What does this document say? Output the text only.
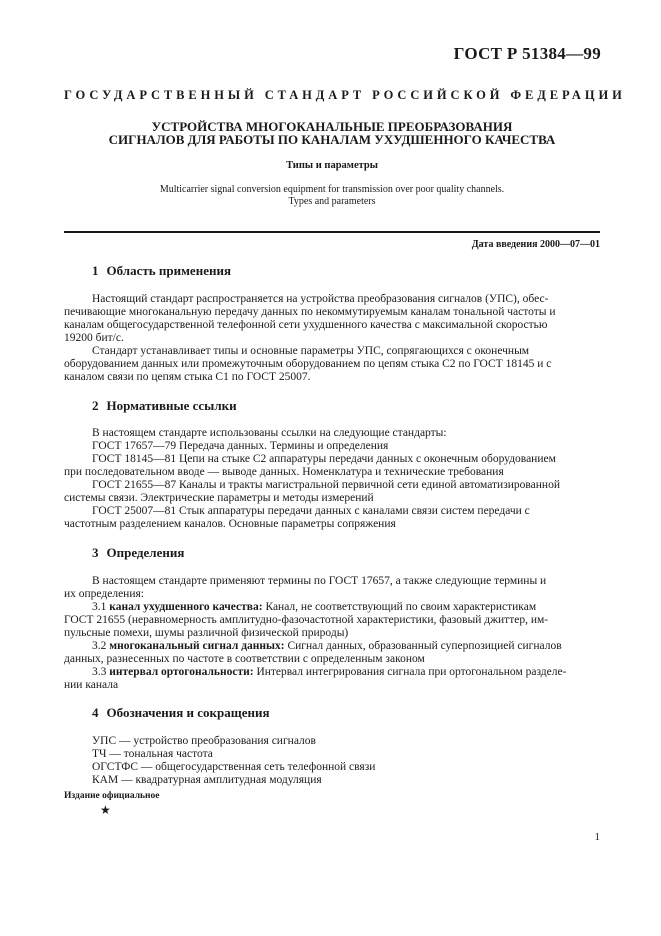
ГОСТ Р 51384—99
ГОСУДАРСТВЕННЫЙ СТАНДАРТ РОССИЙСКОЙ ФЕДЕРАЦИИ
УСТРОЙСТВА МНОГОКАНАЛЬНЫЕ ПРЕОБРАЗОВАНИЯ
СИГНАЛОВ ДЛЯ РАБОТЫ ПО КАНАЛАМ УХУДШЕННОГО КАЧЕСТВА
Типы и параметры
Multicarrier signal conversion equipment for transmission over poor quality channels.
Types and parameters
Дата введения 2000—07—01
1 Область применения
Настоящий стандарт распространяется на устройства преобразования сигналов (УПС), обес-
печивающие многоканальную передачу данных по некоммутируемым каналам тональной частоты и
каналам общегосударственной телефонной сети ухудшенного качества с максимальной скоростью
19200 бит/с.
Стандарт устанавливает типы и основные параметры УПС, сопрягающихся с оконечным
оборудованием данных или промежуточным оборудованием по цепям стыка С2 по ГОСТ 18145 и с
каналом связи по цепям стыка С1 по ГОСТ 25007.
2 Нормативные ссылки
В настоящем стандарте использованы ссылки на следующие стандарты:
ГОСТ 17657—79 Передача данных. Термины и определения
ГОСТ 18145—81 Цепи на стыке С2 аппаратуры передачи данных с оконечным оборудованием
при последовательном вводе — выводе данных. Номенклатура и технические требования
ГОСТ 21655—87 Каналы и тракты магистральной первичной сети единой автоматизированной
системы связи. Электрические параметры и методы измерений
ГОСТ 25007—81 Стык аппаратуры передачи данных с каналами связи систем передачи с
частотным разделением каналов. Основные параметры сопряжения
3 Определения
В настоящем стандарте применяют термины по ГОСТ 17657, а также следующие термины и
их определения:
3.1 канал ухудшенного качества: Канал, не соответствующий по своим характеристикам
ГОСТ 21655 (неравномерность амплитудно-фазочастотной характеристики, фазовый джиттер, им-
пульсные помехи, шумы различной физической природы)
3.2 многоканальный сигнал данных: Сигнал данных, образованный суперпозицией сигналов
данных, разнесенных по частоте в соответствии с определенным законом
3.3 интервал ортогональности: Интервал интегрирования сигнала при ортогональном разделе-
нии канала
4 Обозначения и сокращения
УПС — устройство преобразования сигналов
ТЧ — тональная частота
ОГСТФС — общегосударственная сеть телефонной связи
КАМ — квадратурная амплитудная модуляция
Издание официальное
★
1
